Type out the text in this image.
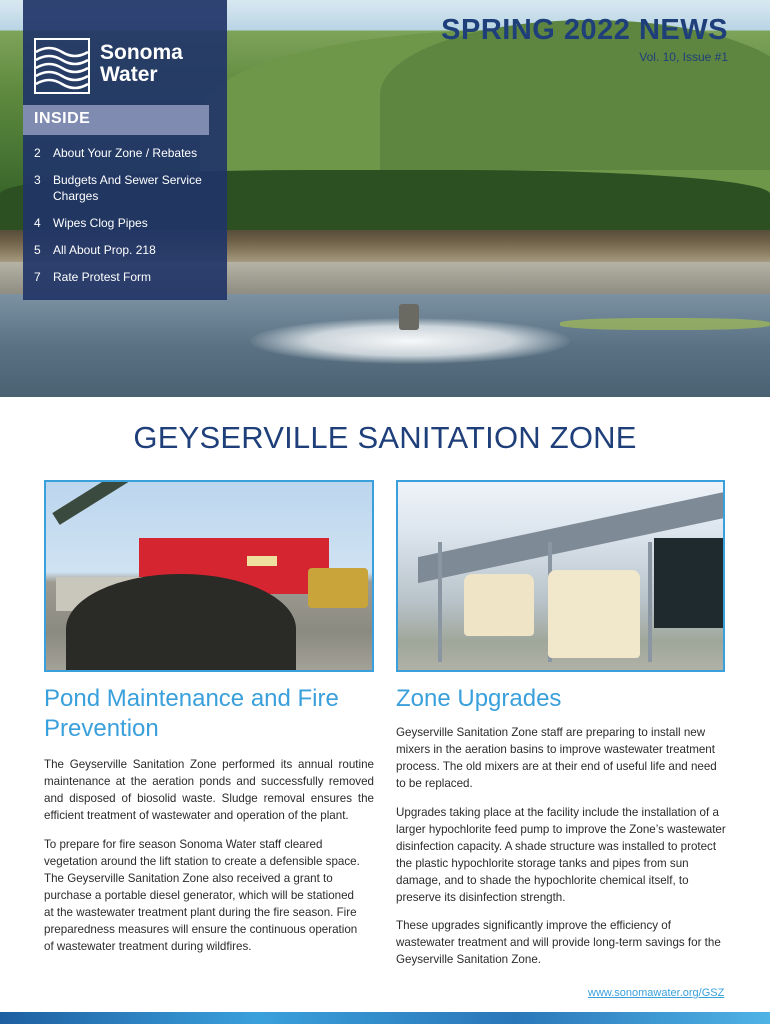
SPRING 2022 NEWS
Vol. 10, Issue #1
Sonoma
Water
INSIDE
2 About Your Zone / Rebates
3 Budgets And Sewer Service Charges
4 Wipes Clog Pipes
5 All About Prop. 218
7 Rate Protest Form
GEYSERVILLE SANITATION ZONE
Pond Maintenance and Fire Prevention

The Geyserville Sanitation Zone performed its annual routine maintenance at the aeration ponds and successfully removed and disposed of biosolid waste. Sludge removal ensures the efficient treatment of wastewater and operation of the plant.

To prepare for fire season Sonoma Water staff cleared vegetation around the lift station to create a defensible space. The Geyserville Sanitation Zone also received a grant to purchase a portable diesel generator, which will be stationed at the wastewater treatment plant during the fire season. Fire preparedness measures will ensure the continuous operation of wastewater treatment during wildfires.

Zone Upgrades

Geyserville Sanitation Zone staff are preparing to install new mixers in the aeration basins to improve wastewater treatment process. The old mixers are at their end of useful life and need to be replaced.

Upgrades taking place at the facility include the installation of a larger hypochlorite feed pump to improve the Zone’s wastewater disinfection capacity. A shade structure was installed to protect the plastic hypochlorite storage tanks and pipes from sun damage, and to shade the hypochlorite chemical itself, to preserve its disinfection strength.

These upgrades significantly improve the efficiency of wastewater treatment and will provide long-term savings for the Geyserville Sanitation Zone.

www.sonomawater.org/GSZ
